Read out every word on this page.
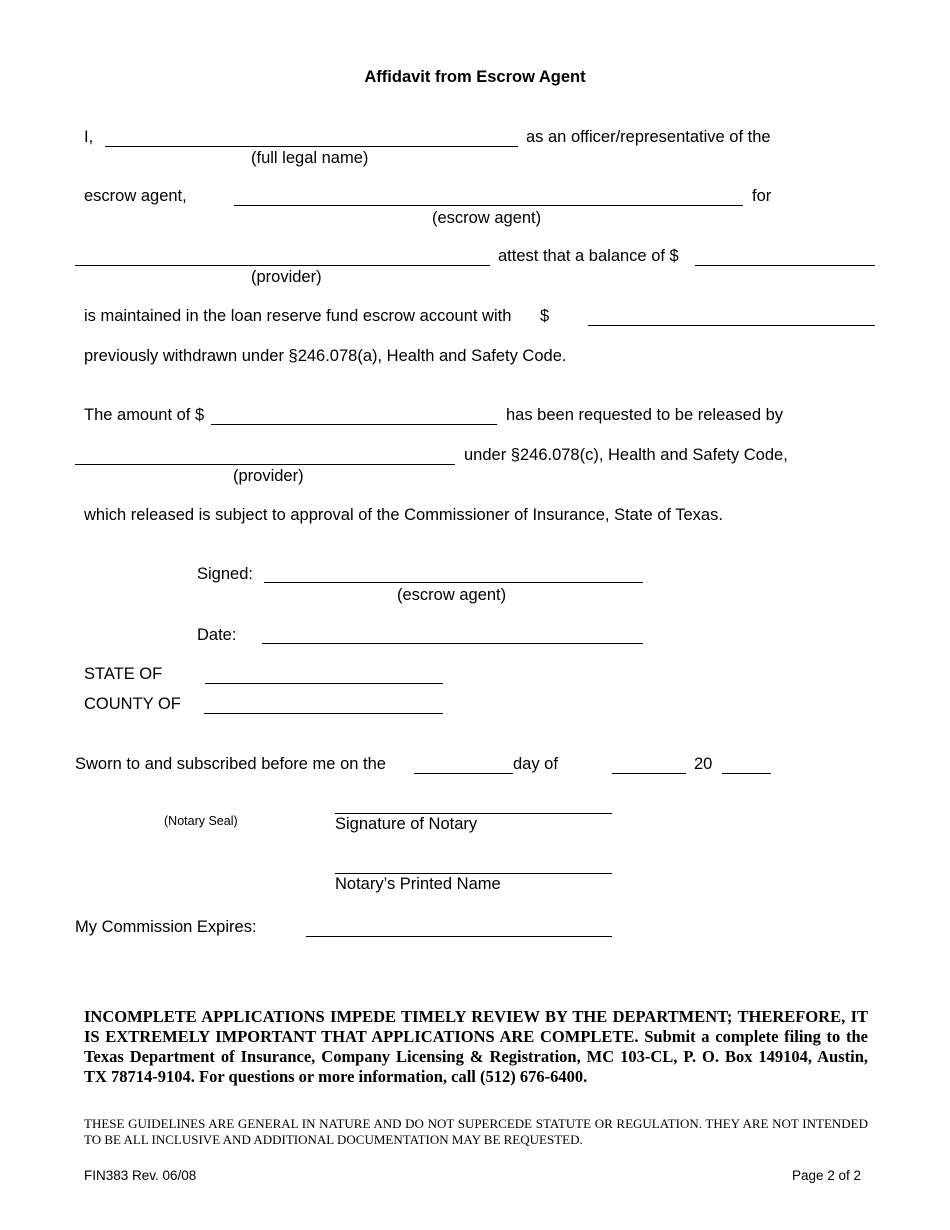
Affidavit from Escrow Agent
I,	as an officer/representative of the
(full legal name)
escrow agent,	for
(escrow agent)
attest that a balance of $
(provider)
is maintained in the loan reserve fund escrow account with $
previously withdrawn under §246.078(a), Health and Safety Code.
The amount of $	has been requested to be released by
under §246.078(c), Health and Safety Code,
(provider)
which released is subject to approval of the Commissioner of Insurance, State of Texas.
Signed:
(escrow agent)
Date:
STATE OF
COUNTY OF
Sworn to and subscribed before me on the	day of	20
(Notary Seal)	Signature of Notary
Notary’s Printed Name
My Commission Expires:
INCOMPLETE APPLICATIONS IMPEDE TIMELY REVIEW BY THE DEPARTMENT; THEREFORE, IT IS EXTREMELY IMPORTANT THAT APPLICATIONS ARE COMPLETE. Submit a complete filing to the Texas Department of Insurance, Company Licensing & Registration, MC 103-CL, P. O. Box 149104, Austin, TX 78714-9104. For questions or more information, call (512) 676-6400.
THESE GUIDELINES ARE GENERAL IN NATURE AND DO NOT SUPERCEDE STATUTE OR REGULATION. THEY ARE NOT INTENDED TO BE ALL INCLUSIVE AND ADDITIONAL DOCUMENTATION MAY BE REQUESTED.
FIN383 Rev. 06/08	Page 2 of 2
